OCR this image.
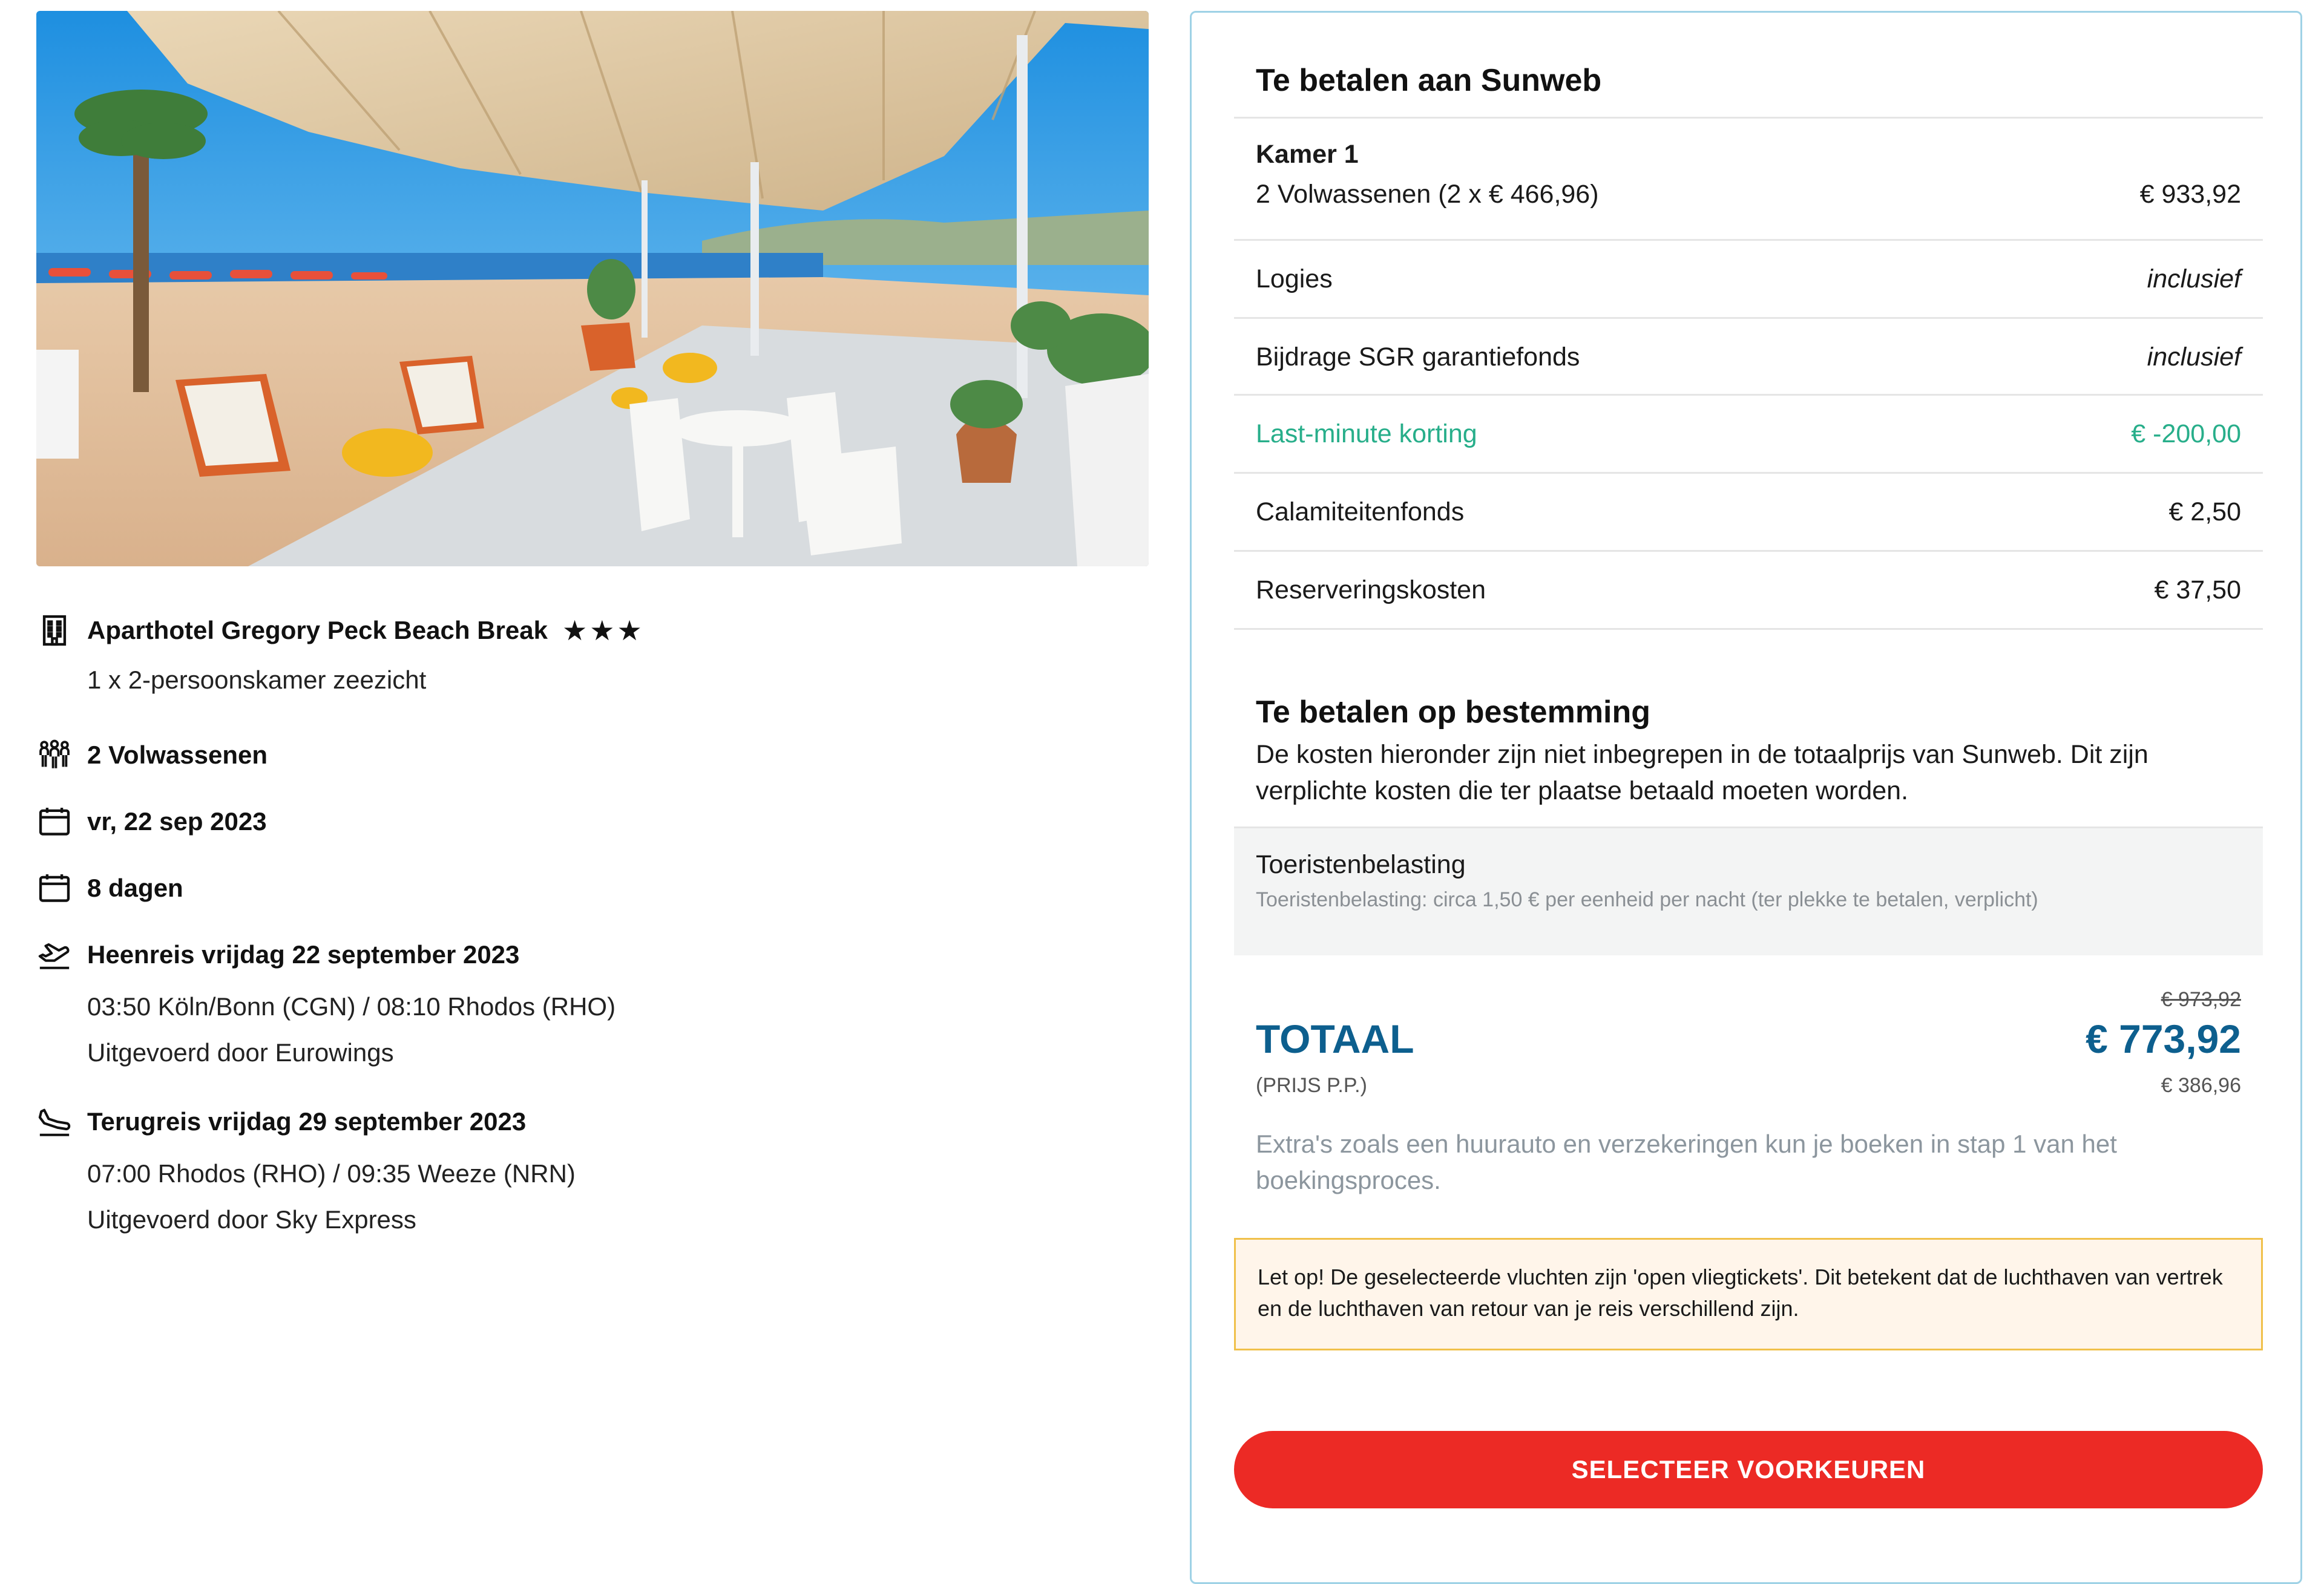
Aparthotel Gregory Peck Beach Break ★★★
1 x 2-persoonskamer zeezicht
2 Volwassenen
vr, 22 sep 2023
8 dagen
Heenreis vrijdag 22 september 2023
03:50 Köln/Bonn (CGN) / 08:10 Rhodos (RHO)
Uitgevoerd door Eurowings
Terugreis vrijdag 29 september 2023
07:00 Rhodos (RHO) / 09:35 Weeze (NRN)
Uitgevoerd door Sky Express
Te betalen aan Sunweb
Kamer 1
2 Volwassenen (2 x € 466,96)	€ 933,92
Logies	inclusief
Bijdrage SGR garantiefonds	inclusief
Last-minute korting	€ -200,00
Calamiteitenfonds	€ 2,50
Reserveringskosten	€ 37,50
Te betalen op bestemming
De kosten hieronder zijn niet inbegrepen in de totaalprijs van Sunweb. Dit zijn verplichte kosten die ter plaatse betaald moeten worden.
Toeristenbelasting
Toeristenbelasting: circa 1,50 € per eenheid per nacht (ter plekke te betalen, verplicht)
€ 973,92
TOTAAL	€ 773,92
(PRIJS P.P.)	€ 386,96
Extra's zoals een huurauto en verzekeringen kun je boeken in stap 1 van het boekingsproces.
Let op! De geselecteerde vluchten zijn 'open vliegtickets'. Dit betekent dat de luchthaven van vertrek en de luchthaven van retour van je reis verschillend zijn.
SELECTEER VOORKEUREN
